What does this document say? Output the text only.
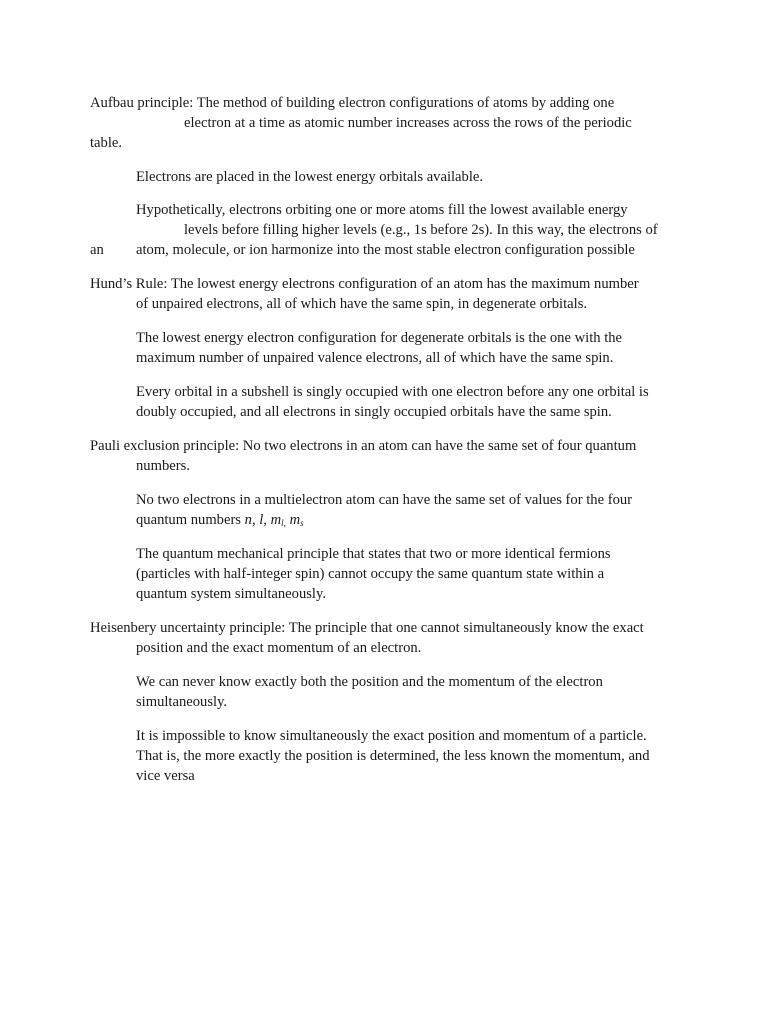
Aufbau principle: The method of building electron configurations of atoms by adding one

electron at a time as atomic number increases across the rows of the periodic

table.

Electrons are placed in the lowest energy orbitals available.

Hypothetically, electrons orbiting one or more atoms fill the lowest available energy

levels before filling higher levels (e.g., 1s before 2s). In this way, the electrons of

an atom, molecule, or ion harmonize into the most stable electron configuration possible

Hund’s Rule: The lowest energy electrons configuration of an atom has the maximum number

of unpaired electrons, all of which have the same spin, in degenerate orbitals.

The lowest energy electron configuration for degenerate orbitals is the one with the

maximum number of unpaired valence electrons, all of which have the same spin.

Every orbital in a subshell is singly occupied with one electron before any one orbital is

doubly occupied, and all electrons in singly occupied orbitals have the same spin.

Pauli exclusion principle: No two electrons in an atom can have the same set of four quantum

numbers.

No two electrons in a multielectron atom can have the same set of values for the four

quantum numbers n, l, $m_{l,}$ $m_s$

The quantum mechanical principle that states that two or more identical fermions

(particles with half-integer spin) cannot occupy the same quantum state within a

quantum system simultaneously.

Heisenbery uncertainty principle: The principle that one cannot simultaneously know the exact

position and the exact momentum of an electron.

We can never know exactly both the position and the momentum of the electron

simultaneously.

It is impossible to know simultaneously the exact position and momentum of a particle.

That is, the more exactly the position is determined, the less known the momentum, and

vice versa
